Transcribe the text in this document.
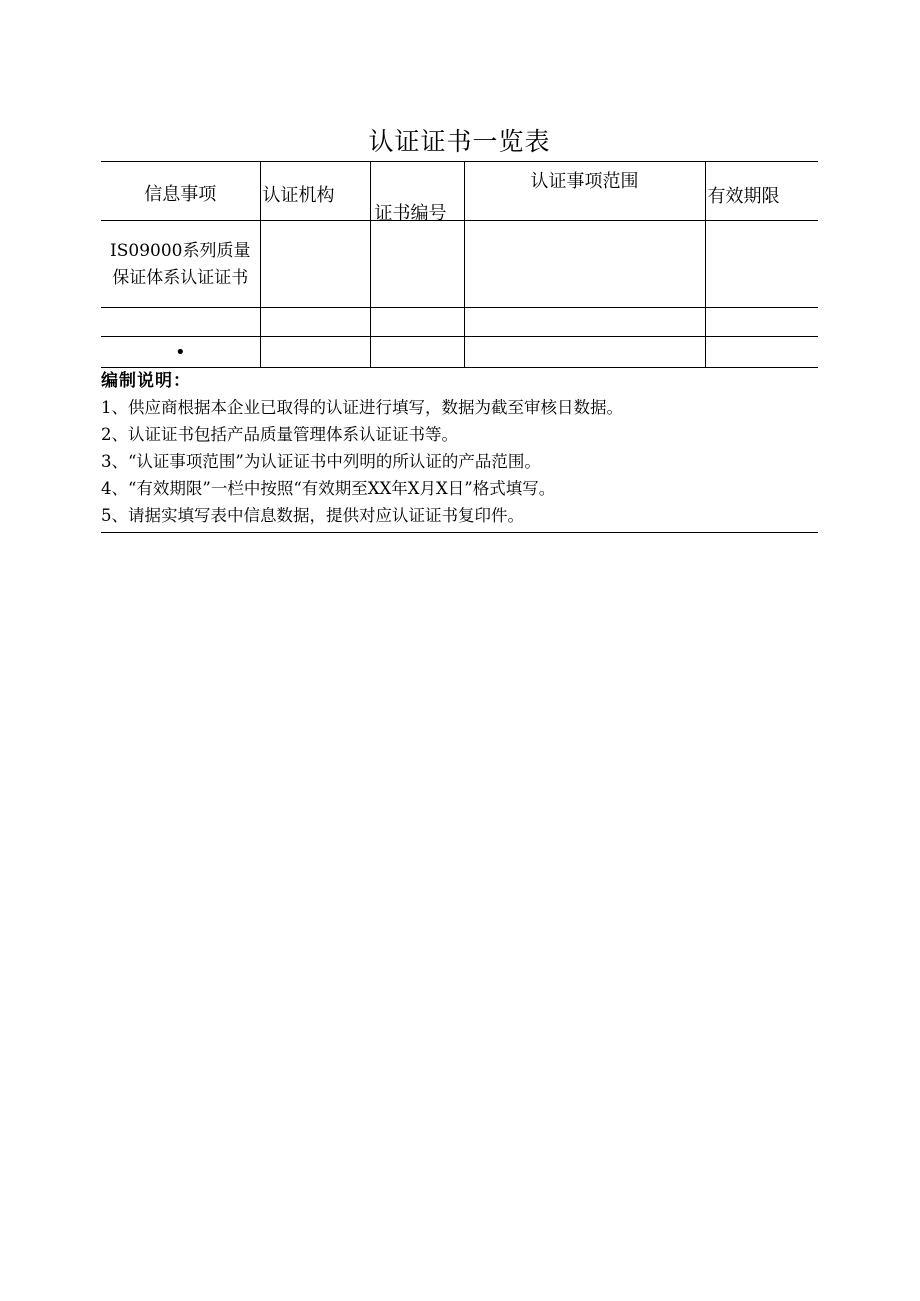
认证证书一览表
信息事项	认证机构	证书编号	认证事项范围	有效期限

IS09000系列质量保证体系认证证书				

•				
编制说明：
1、供应商根据本企业已取得的认证进行填写，数据为截至审核日数据。
2、认证证书包括产品质量管理体系认证证书等。
3、“认证事项范围”为认证证书中列明的所认证的产品范围。
4、“有效期限”一栏中按照“有效期至XX年X月X日”格式填写。
5、请据实填写表中信息数据，提供对应认证证书复印件。
